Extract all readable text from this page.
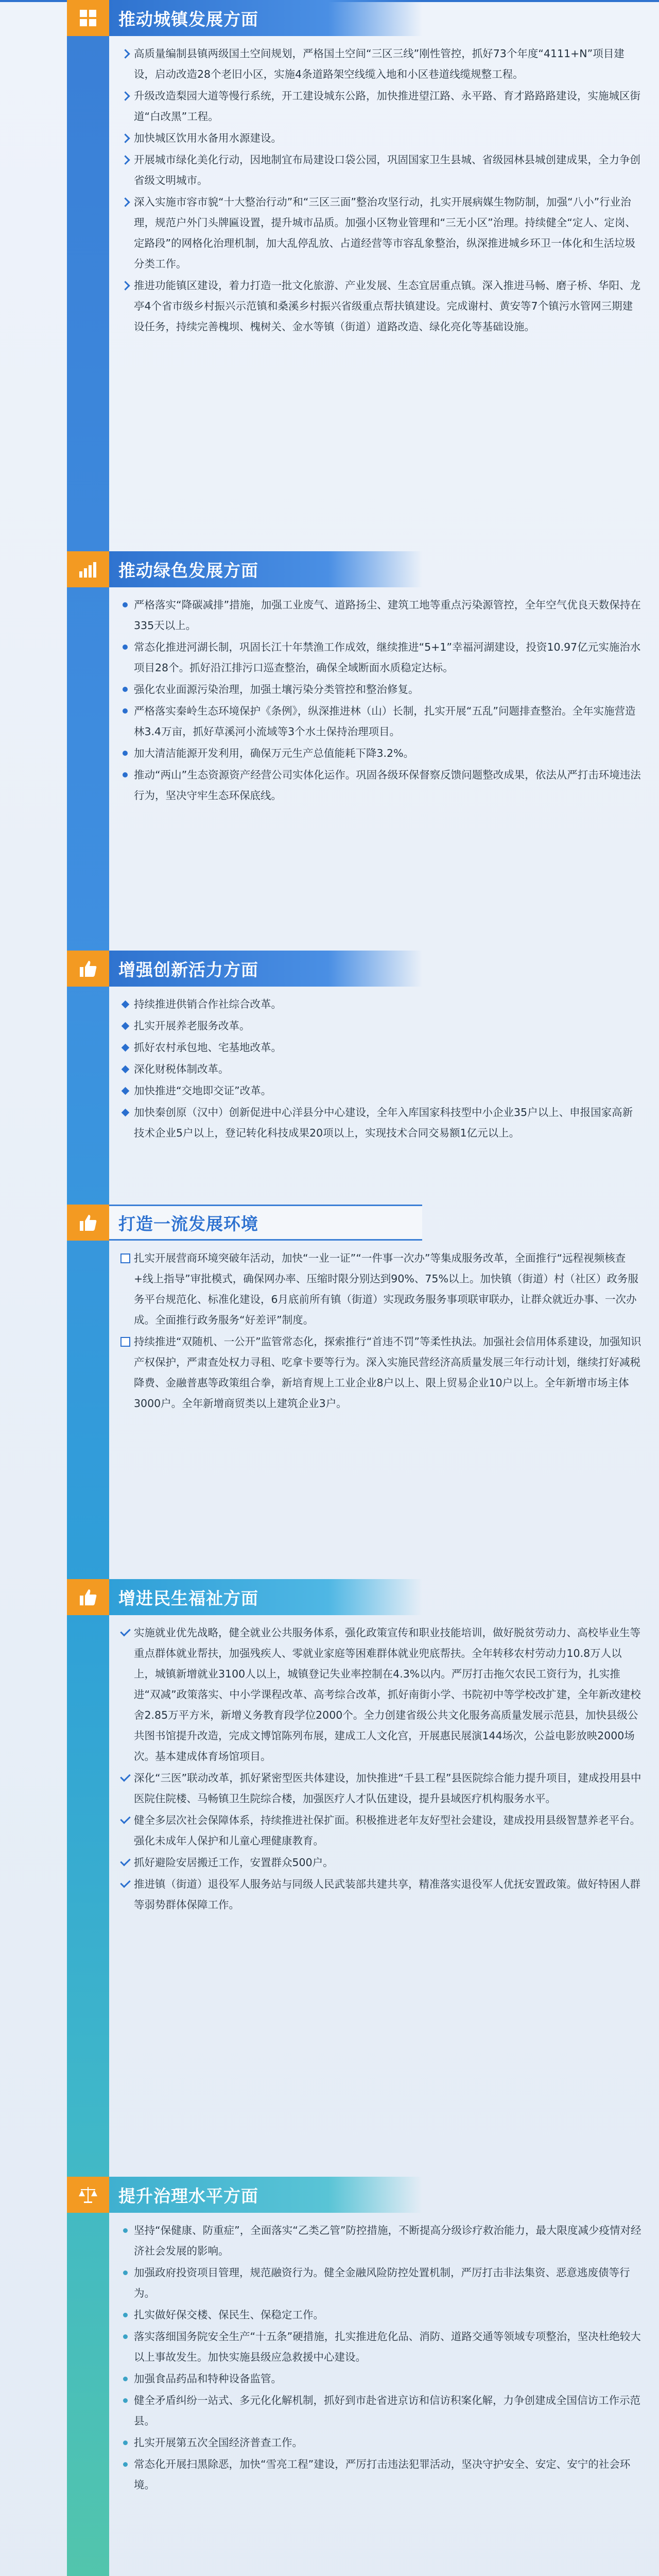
推动城镇发展方面
高质量编制县镇两级国土空间规划，严格国土空间“三区三线”刚性管控，抓好73个年度“4111+N”项目建设，启动改造28个老旧小区，实施4条道路架空线缆入地和小区巷道线缆规整工程。
升级改造梨园大道等慢行系统，开工建设城东公路，加快推进望江路、永平路、育才路路路建设，实施城区街道“白改黑”工程。
加快城区饮用水备用水源建设。
开展城市绿化美化行动，因地制宜布局建设口袋公园，巩固国家卫生县城、省级园林县城创建成果，全力争创省级文明城市。
深入实施市容市貌“十大整治行动”和“三区三面”整治攻坚行动，扎实开展病媒生物防制，加强“八小”行业治理，规范户外门头牌匾设置，提升城市品质。加强小区物业管理和“三无小区”治理。持续健全“定人、定岗、定路段”的网格化治理机制，加大乱停乱放、占道经营等市容乱象整治，纵深推进城乡环卫一体化和生活垃圾分类工作。
推进功能镇区建设，着力打造一批文化旅游、产业发展、生态宜居重点镇。深入推进马畅、磨子桥、华阳、龙亭4个省市级乡村振兴示范镇和桑溪乡村振兴省级重点帮扶镇建设。完成谢村、黄安等7个镇污水管网三期建设任务，持续完善槐坝、槐树关、金水等镇（街道）道路改造、绿化亮化等基础设施。
推动绿色发展方面
严格落实“降碳减排”措施，加强工业废气、道路扬尘、建筑工地等重点污染源管控，全年空气优良天数保持在335天以上。
常态化推进河湖长制，巩固长江十年禁渔工作成效，继续推进“5+1”幸福河湖建设，投资10.97亿元实施治水项目28个。抓好沿江排污口巡查整治，确保全域断面水质稳定达标。
强化农业面源污染治理，加强土壤污染分类管控和整治修复。
严格落实秦岭生态环境保护《条例》，纵深推进林（山）长制，扎实开展“五乱”问题排查整治。全年实施营造林3.4万亩，抓好草溪河小流域等3个水土保持治理项目。
加大清洁能源开发利用，确保万元生产总值能耗下降3.2%。
推动“两山”生态资源资产经营公司实体化运作。巩固各级环保督察反馈问题整改成果，依法从严打击环境违法行为，坚决守牢生态环保底线。
增强创新活力方面
持续推进供销合作社综合改革。
扎实开展养老服务改革。
抓好农村承包地、宅基地改革。
深化财税体制改革。
加快推进“交地即交证”改革。
加快秦创原（汉中）创新促进中心洋县分中心建设，全年入库国家科技型中小企业35户以上、申报国家高新技术企业5户以上，登记转化科技成果20项以上，实现技术合同交易额1亿元以上。
打造一流发展环境
扎实开展营商环境突破年活动，加快“一业一证”“一件事一次办”等集成服务改革，全面推行“远程视频核查+线上指导”审批模式，确保网办率、压缩时限分别达到90%、75%以上。加快镇（街道）村（社区）政务服务平台规范化、标准化建设，6月底前所有镇（街道）实现政务服务事项联审联办，让群众就近办事、一次办成。全面推行政务服务“好差评”制度。
持续推进“双随机、一公开”监管常态化，探索推行“首违不罚”等柔性执法。加强社会信用体系建设，加强知识产权保护，严肃查处权力寻租、吃拿卡要等行为。深入实施民营经济高质量发展三年行动计划，继续打好减税降费、金融普惠等政策组合拳，新培育规上工业企业8户以上、限上贸易企业10户以上。全年新增市场主体3000户。全年新增商贸类以上建筑企业3户。
增进民生福祉方面
实施就业优先战略，健全就业公共服务体系，强化政策宣传和职业技能培训，做好脱贫劳动力、高校毕业生等重点群体就业帮扶，加强残疾人、零就业家庭等困难群体就业兜底帮扶。全年转移农村劳动力10.8万人以上，城镇新增就业3100人以上，城镇登记失业率控制在4.3%以内。严厉打击拖欠农民工资行为，扎实推进“双减”政策落实、中小学课程改革、高考综合改革，抓好南街小学、书院初中等学校改扩建，全年新改建校舍2.85万平方米，新增义务教育段学位2000个。全力创建省级公共文化服务高质量发展示范县，加快县级公共图书馆提升改造，完成文博馆陈列布展，建成工人文化宫，开展惠民展演144场次，公益电影放映2000场次。基本建成体育场馆项目。
深化“三医”联动改革，抓好紧密型医共体建设，加快推进“千县工程”县医院综合能力提升项目，建成投用县中医院住院楼、马畅镇卫生院综合楼，加强医疗人才队伍建设，提升县域医疗机构服务水平。
健全多层次社会保障体系，持续推进社保扩面。积极推进老年友好型社会建设，建成投用县级智慧养老平台。强化未成年人保护和儿童心理健康教育。
抓好避险安居搬迁工作，安置群众500户。
推进镇（街道）退役军人服务站与同级人民武装部共建共享，精准落实退役军人优抚安置政策。做好特困人群等弱势群体保障工作。
提升治理水平方面
坚持“保健康、防重症”，全面落实“乙类乙管”防控措施，不断提高分级诊疗救治能力，最大限度减少疫情对经济社会发展的影响。
加强政府投资项目管理，规范融资行为。健全金融风险防控处置机制，严厉打击非法集资、恶意逃废债等行为。
扎实做好保交楼、保民生、保稳定工作。
落实落细国务院安全生产“十五条”硬措施，扎实推进危化品、消防、道路交通等领域专项整治，坚决杜绝较大以上事故发生。加快实施县级应急救援中心建设。
加强食品药品和特种设备监管。
健全矛盾纠纷一站式、多元化化解机制，抓好到市赴省进京访和信访积案化解，力争创建成全国信访工作示范县。
扎实开展第五次全国经济普查工作。
常态化开展扫黑除恶，加快“雪亮工程”建设，严厉打击违法犯罪活动，坚决守护安全、安定、安宁的社会环境。
